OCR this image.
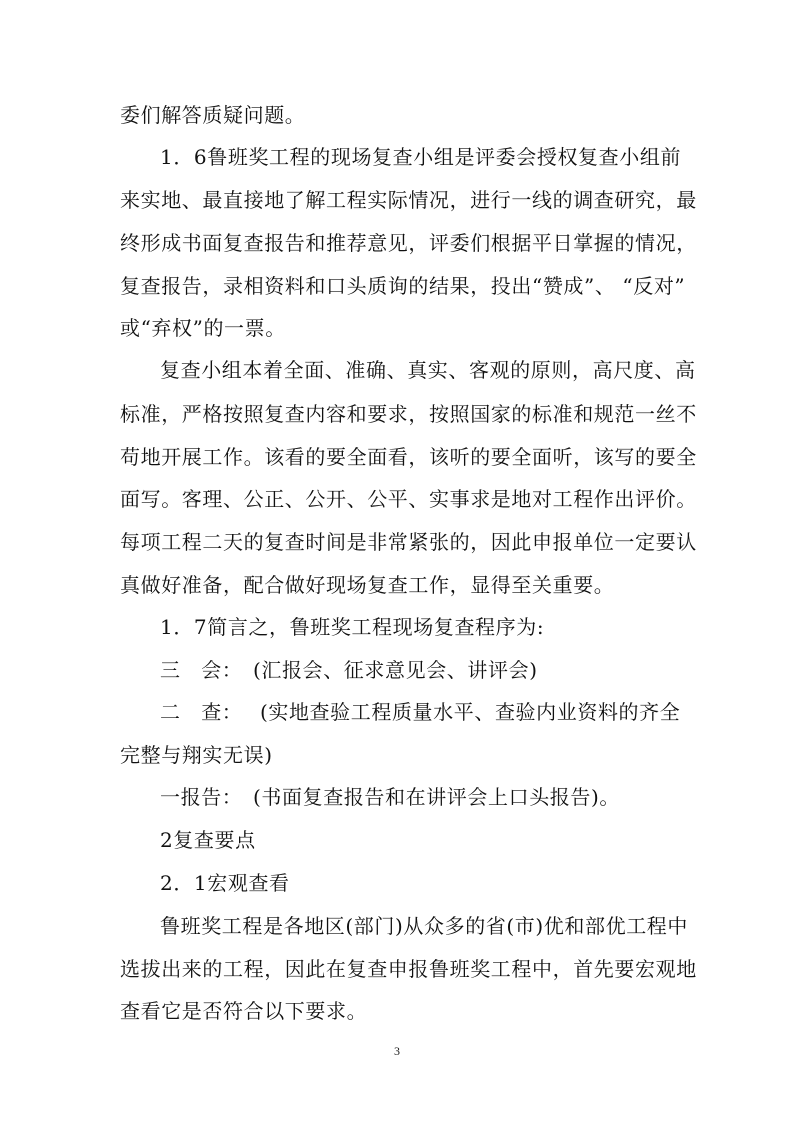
委们解答质疑问题。
1．6鲁班奖工程的现场复查小组是评委会授权复查小组前
来实地、最直接地了解工程实际情况，进行一线的调查研究，最
终形成书面复查报告和推荐意见，评委们根据平日掌握的情况，
复查报告，录相资料和口头质询的结果，投出“赞成”、 “反对”
或“弃权”的一票。
复查小组本着全面、准确、真实、客观的原则，高尺度、高
标准，严格按照复查内容和要求，按照国家的标准和规范一丝不
苟地开展工作。该看的要全面看，该听的要全面听，该写的要全
面写。客理、公正、公开、公平、实事求是地对工程作出评价。
每项工程二天的复查时间是非常紧张的，因此申报单位一定要认
真做好准备，配合做好现场复查工作，显得至关重要。
1．7简言之，鲁班奖工程现场复查程序为:
三　会：　(汇报会、征求意见会、讲评会)
二　查：　 (实地查验工程质量水平、查验内业资料的齐全
完整与翔实无误)
一报告：　(书面复查报告和在讲评会上口头报告)。
2复查要点
2．1宏观查看
鲁班奖工程是各地区(部门)从众多的省(市)优和部优工程中
选拔出来的工程，因此在复查申报鲁班奖工程中，首先要宏观地
查看它是否符合以下要求。
3
